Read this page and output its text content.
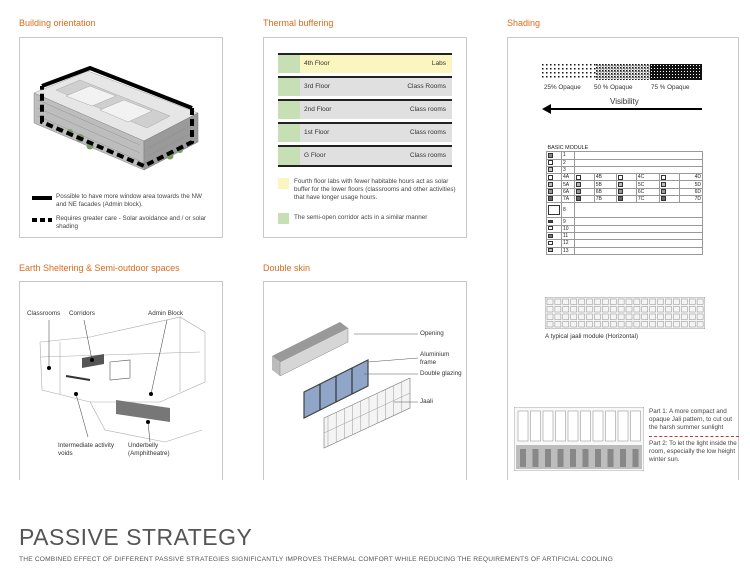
Building orientation
Possible to have more window area towards the NW and NE facades (Admin block).
Requires greater care - Solar avoidance and / or solar shading
Thermal buffering
4th Floor	Labs
3rd Floor	Class Rooms
2nd Floor	Class rooms
1st Floor	Class rooms
G Floor	Class rooms
Fourth floor labs with fewer habitable hours act as solar buffer for the lower floors (classrooms and other activities) that have longer usage hours.
The semi-open corridor acts in a similar manner
Shading
25% Opaque 50 % Opaque	75 % Opaque
Visibility
BASIC MODULE							
	1						
	2						
	3						
	4A		4B		4C		4D
	5A		5B		5C		5D
	6A		6B		6C		6D
	7A		7B		7C		7D
	8						
	9						
	10						
	11						
	12						
	13						
A typical jaali module (Horizontal)
Part 1: A more compact and opaque Jali pattern, to cut out the harsh summer sunlight
Part 2: To let the light inside the room, especially the low height winter sun.
Earth Sheltering & Semi-outdoor spaces
Classrooms Corridors	Admin Block
Intermediate activity voids
Underbelly (Amphitheatre)
Double skin
Opening
Aluminium frame
Double glazing
Jaali
PASSIVE STRATEGY
THE COMBINED EFFECT OF DIFFERENT PASSIVE STRATEGIES SIGNIFICANTLY IMPROVES THERMAL COMFORT WHILE REDUCING THE REQUIREMENTS OF ARTIFICIAL COOLING
